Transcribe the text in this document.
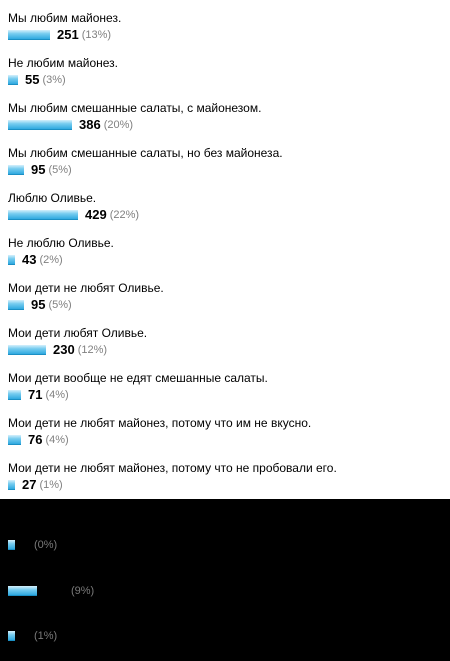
Мы любим майонез.
251 (13%)
Не любим майонез.
55 (3%)
Мы любим смешанные салаты, с майонезом.
386 (20%)
Мы любим смешанные салаты, но без майонеза.
95 (5%)
Люблю Оливье.
429 (22%)
Не люблю Оливье.
43 (2%)
Мои дети не любят Оливье.
95 (5%)
Мои дети любят Оливье.
230 (12%)
Мои дети вообще не едят смешанные салаты.
71 (4%)
Мои дети не любят майонез, потому что им не вкусно.
76 (4%)
Мои дети не любят майонез, потому что не пробовали его.
27 (1%)
(0%)
(9%)
(1%)
